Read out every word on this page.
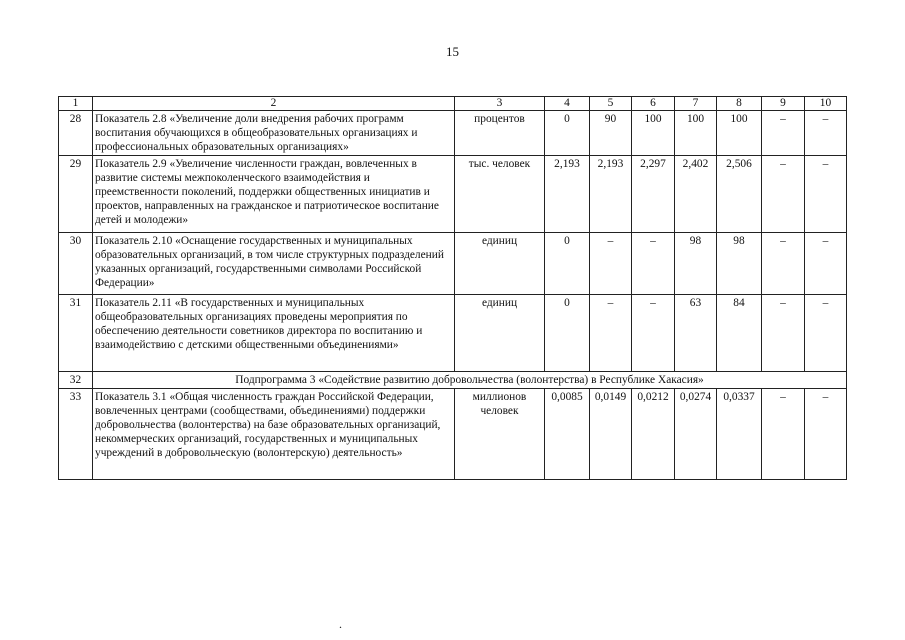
15
1	2	3	4	5	6	7	8	9	10
28	Показатель 2.8 «Увеличение доли внедрения рабочих программ воспитания обучающихся в общеобразовательных организациях и профессиональных образовательных организациях»	процентов	0	90	100	100	100	–	–
29	Показатель 2.9 «Увеличение численности граждан, вовлеченных в развитие системы межпоколенческого взаимодействия и преемственности поколений, поддержки общественных инициатив и проектов, направленных на гражданское и патриотическое воспитание детей и молодежи»	тыс. человек	2,193	2,193	2,297	2,402	2,506	–	–
30	Показатель 2.10 «Оснащение государственных и муниципальных образовательных организаций, в том числе структурных подразделений указанных организаций, государственными символами Российской Федерации»	единиц	0	–	–	98	98	–	–
31	Показатель 2.11 «В государственных и муниципальных общеобразовательных организациях проведены мероприятия по обеспечению деятельности советников директора по воспитанию и взаимодействию с детскими общественными объединениями»	единиц	0	–	–	63	84	–	–
32	Подпрограмма 3 «Содействие развитию добровольчества (волонтерства) в Республике Хакасия»								
33	Показатель 3.1 «Общая численность граждан Российской Федерации, вовлеченных центрами (сообществами, объединениями) поддержки добровольчества (волонтерства) на базе образовательных организаций, некоммерческих организаций, государственных и муниципальных учреждений в добровольческую (волонтерскую) деятельность»	миллионов человек	0,0085	0,0149	0,0212	0,0274	0,0337	–	–
.
